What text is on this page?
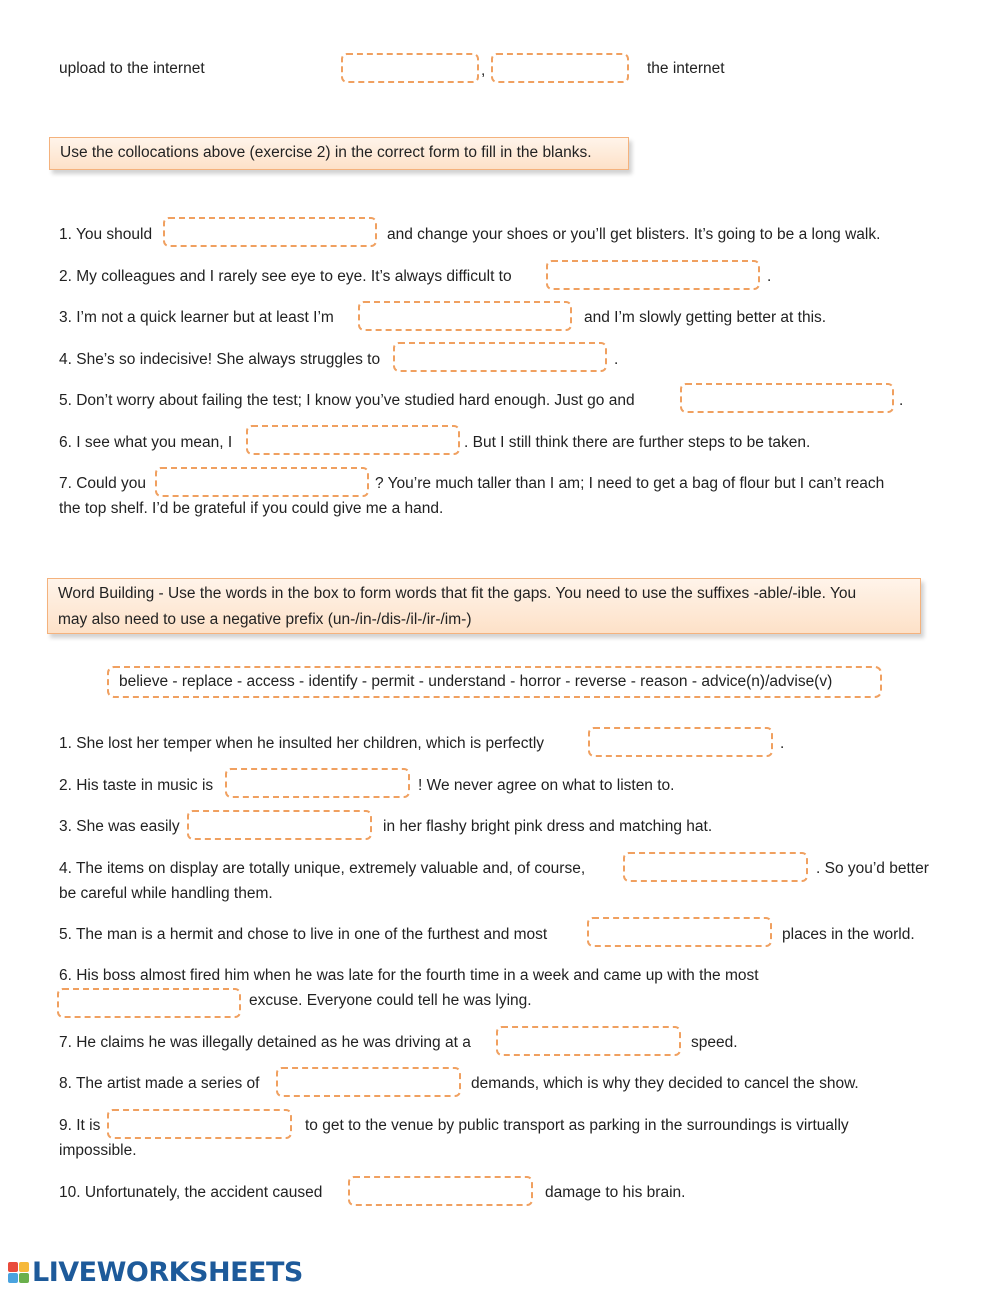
upload to the internet	,	the internet
Use the collocations above (exercise 2) in the correct form to fill in the blanks.
1. You should	and change your shoes or you’ll get blisters. It’s going to be a long walk.
2. My colleagues and I rarely see eye to eye. It’s always difficult to	.
3. I’m not a quick learner but at least I’m	and I’m slowly getting better at this.
4. She’s so indecisive! She always struggles to	.
5. Don’t worry about failing the test; I know you’ve studied hard enough. Just go and	.
6. I see what you mean, I	. But I still think there are further steps to be taken.
7. Could you	? You’re much taller than I am; I need to get a bag of flour but I can’t reach
the top shelf. I’d be grateful if you could give me a hand.
Word Building - Use the words in the box to form words that fit the gaps. You need to use the suffixes -able/-ible. You
may also need to use a negative prefix (un-/in-/dis-/il-/ir-/im-)
believe - replace - access - identify - permit - understand - horror - reverse - reason - advice(n)/advise(v)
1. She lost her temper when he insulted her children, which is perfectly	.
2. His taste in music is	! We never agree on what to listen to.
3. She was easily	in her flashy bright pink dress and matching hat.
4. The items on display are totally unique, extremely valuable and, of course,	. So you’d better
be careful while handling them.
5. The man is a hermit and chose to live in one of the furthest and most	places in the world.
6. His boss almost fired him when he was late for the fourth time in a week and came up with the most
excuse. Everyone could tell he was lying.
7. He claims he was illegally detained as he was driving at a	speed.
8. The artist made a series of	demands, which is why they decided to cancel the show.
9. It is	to get to the venue by public transport as parking in the surroundings is virtually
impossible.
10. Unfortunately, the accident caused	damage to his brain.
LIVEWORKSHEETS
